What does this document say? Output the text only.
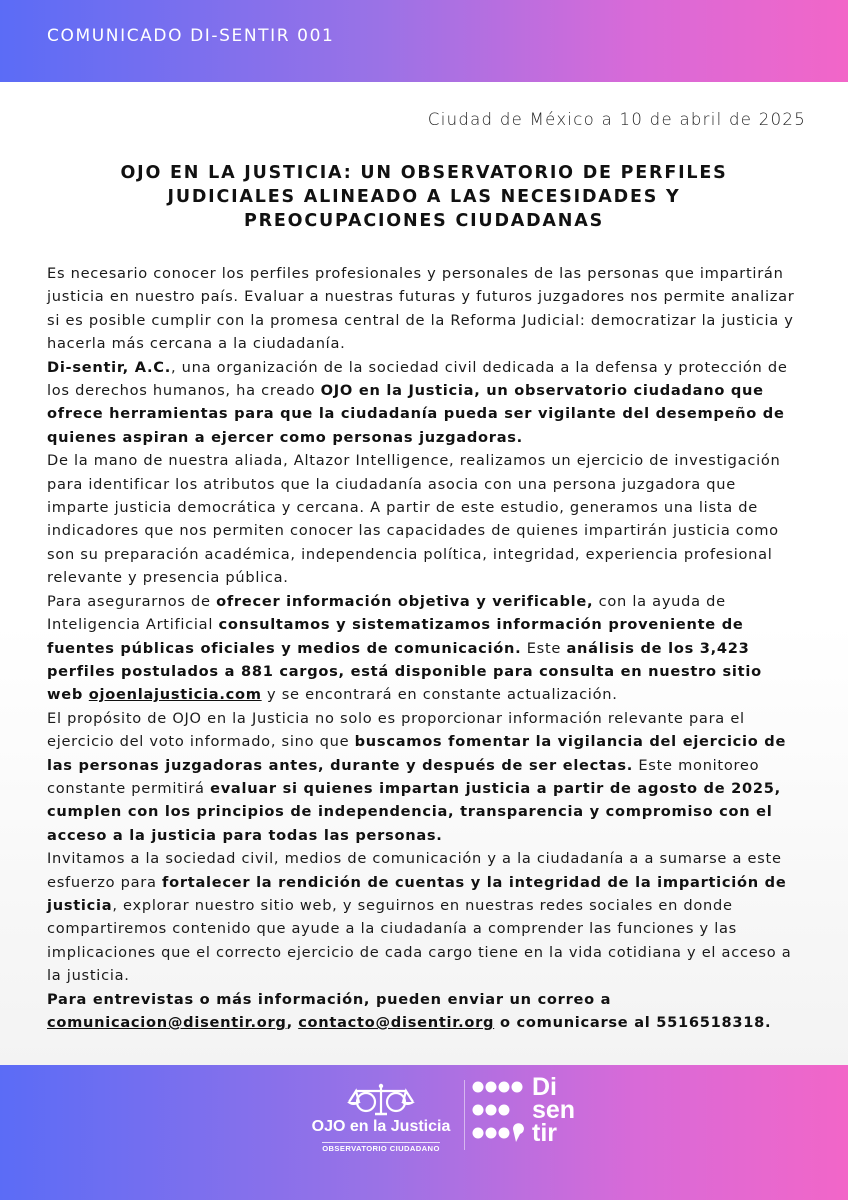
COMUNICADO DI-SENTIR 001
Ciudad de México a 10 de abril de 2025
OJO EN LA JUSTICIA: UN OBSERVATORIO DE PERFILES
JUDICIALES ALINEADO A LAS NECESIDADES Y
PREOCUPACIONES CIUDADANAS

Es necesario conocer los perfiles profesionales y personales de las personas que impartirán justicia en nuestro país. Evaluar a nuestras futuras y futuros juzgadores nos permite analizar si es posible cumplir con la promesa central de la Reforma Judicial: democratizar la justicia y hacerla más cercana a la ciudadanía.

Di-sentir, A.C., una organización de la sociedad civil dedicada a la defensa y protección de los derechos humanos, ha creado OJO en la Justicia, un observatorio ciudadano que ofrece herramientas para que la ciudadanía pueda ser vigilante del desempeño de quienes aspiran a ejercer como personas juzgadoras.

De la mano de nuestra aliada, Altazor Intelligence, realizamos un ejercicio de investigación para identificar los atributos que la ciudadanía asocia con una persona juzgadora que imparte justicia democrática y cercana. A partir de este estudio, generamos una lista de indicadores que nos permiten conocer las capacidades de quienes impartirán justicia como son su preparación académica, independencia política, integridad, experiencia profesional relevante y presencia pública.

Para asegurarnos de ofrecer información objetiva y verificable, con la ayuda de Inteligencia Artificial consultamos y sistematizamos información proveniente de fuentes públicas oficiales y medios de comunicación. Este análisis de los 3,423 perfiles postulados a 881 cargos, está disponible para consulta en nuestro sitio web ojoenlajusticia.com y se encontrará en constante actualización.

El propósito de OJO en la Justicia no solo es proporcionar información relevante para el ejercicio del voto informado, sino que buscamos fomentar la vigilancia del ejercicio de las personas juzgadoras antes, durante y después de ser electas. Este monitoreo constante permitirá evaluar si quienes impartan justicia a partir de agosto de 2025, cumplen con los principios de independencia, transparencia y compromiso con el acceso a la justicia para todas las personas.

Invitamos a la sociedad civil, medios de comunicación y a la ciudadanía a a sumarse a este esfuerzo para fortalecer la rendición de cuentas y la integridad de la impartición de justicia, explorar nuestro sitio web, y seguirnos en nuestras redes sociales en donde compartiremos contenido que ayude a la ciudadanía a comprender las funciones y las implicaciones que el correcto ejercicio de cada cargo tiene en la vida cotidiana y el acceso a la justicia.

Para entrevistas o más información, pueden enviar un correo a comunicacion@disentir.org, contacto@disentir.org o comunicarse al 5516518318.

OJO en la Justicia
OBSERVATORIO CIUDADANO
Di
sen
tir
